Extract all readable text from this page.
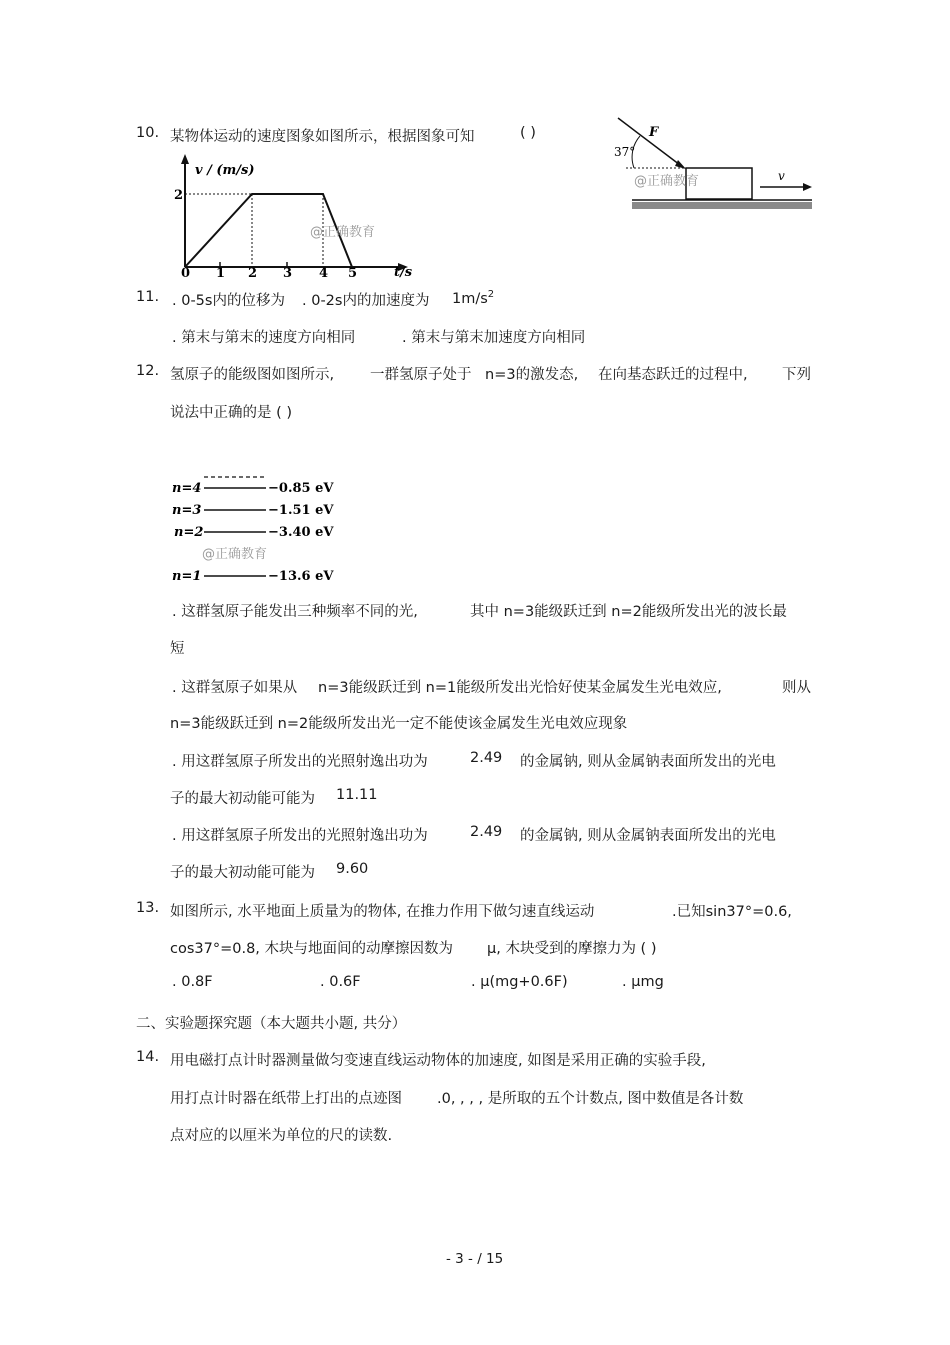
10. 某物体运动的速度图象如图所示，根据图象可知	( )
v / (m/s)
2
0 1 2 3 4 5	t/s
@正确教育
F
37°
v
@正确教育
11. . 0-5s内的位移为 . 0-2s内的加速度为 $1m/s^2$
. 第末与第末的速度方向相同	. 第末与第末加速度方向相同
12. 氢原子的能级图如图所示, 一群氢原子处于 n=3的激发态, 在向基态跃迁的过程中, 下列
说法中正确的是 ( )
n=4	−0.85 eV
n=3	−1.51 eV
n=2	−3.40 eV
@正确教育
n=1	−13.6 eV
. 这群氢原子能发出三种频率不同的光,	其中 n=3能级跃迁到 n=2能级所发出光的波长最
短
. 这群氢原子如果从 n=3能级跃迁到 n=1能级所发出光恰好使某金属发生光电效应,	则从
n=3能级跃迁到 n=2能级所发出光一定不能使该金属发生光电效应现象
. 用这群氢原子所发出的光照射逸出功为	2.49 的金属钠, 则从金属钠表面所发出的光电
子的最大初动能可能为 11.11
. 用这群氢原子所发出的光照射逸出功为	2.49 的金属钠, 则从金属钠表面所发出的光电
子的最大初动能可能为 9.60
13. 如图所示, 水平地面上质量为的物体, 在推力作用下做匀速直线运动	.已知sin37°=0.6,
cos37°=0.8, 木块与地面间的动摩擦因数为 μ, 木块受到的摩擦力为 ( )
. 0.8F	. 0.6F	. μ(mg+0.6F)	. μmg
二、实验题探究题（本大题共小题, 共分）
14. 用电磁打点计时器测量做匀变速直线运动物体的加速度, 如图是采用正确的实验手段,
用打点计时器在纸带上打出的点迹图 .0, , , , 是所取的五个计数点, 图中数值是各计数
点对应的以厘米为单位的尺的读数.
- 3 - / 15
